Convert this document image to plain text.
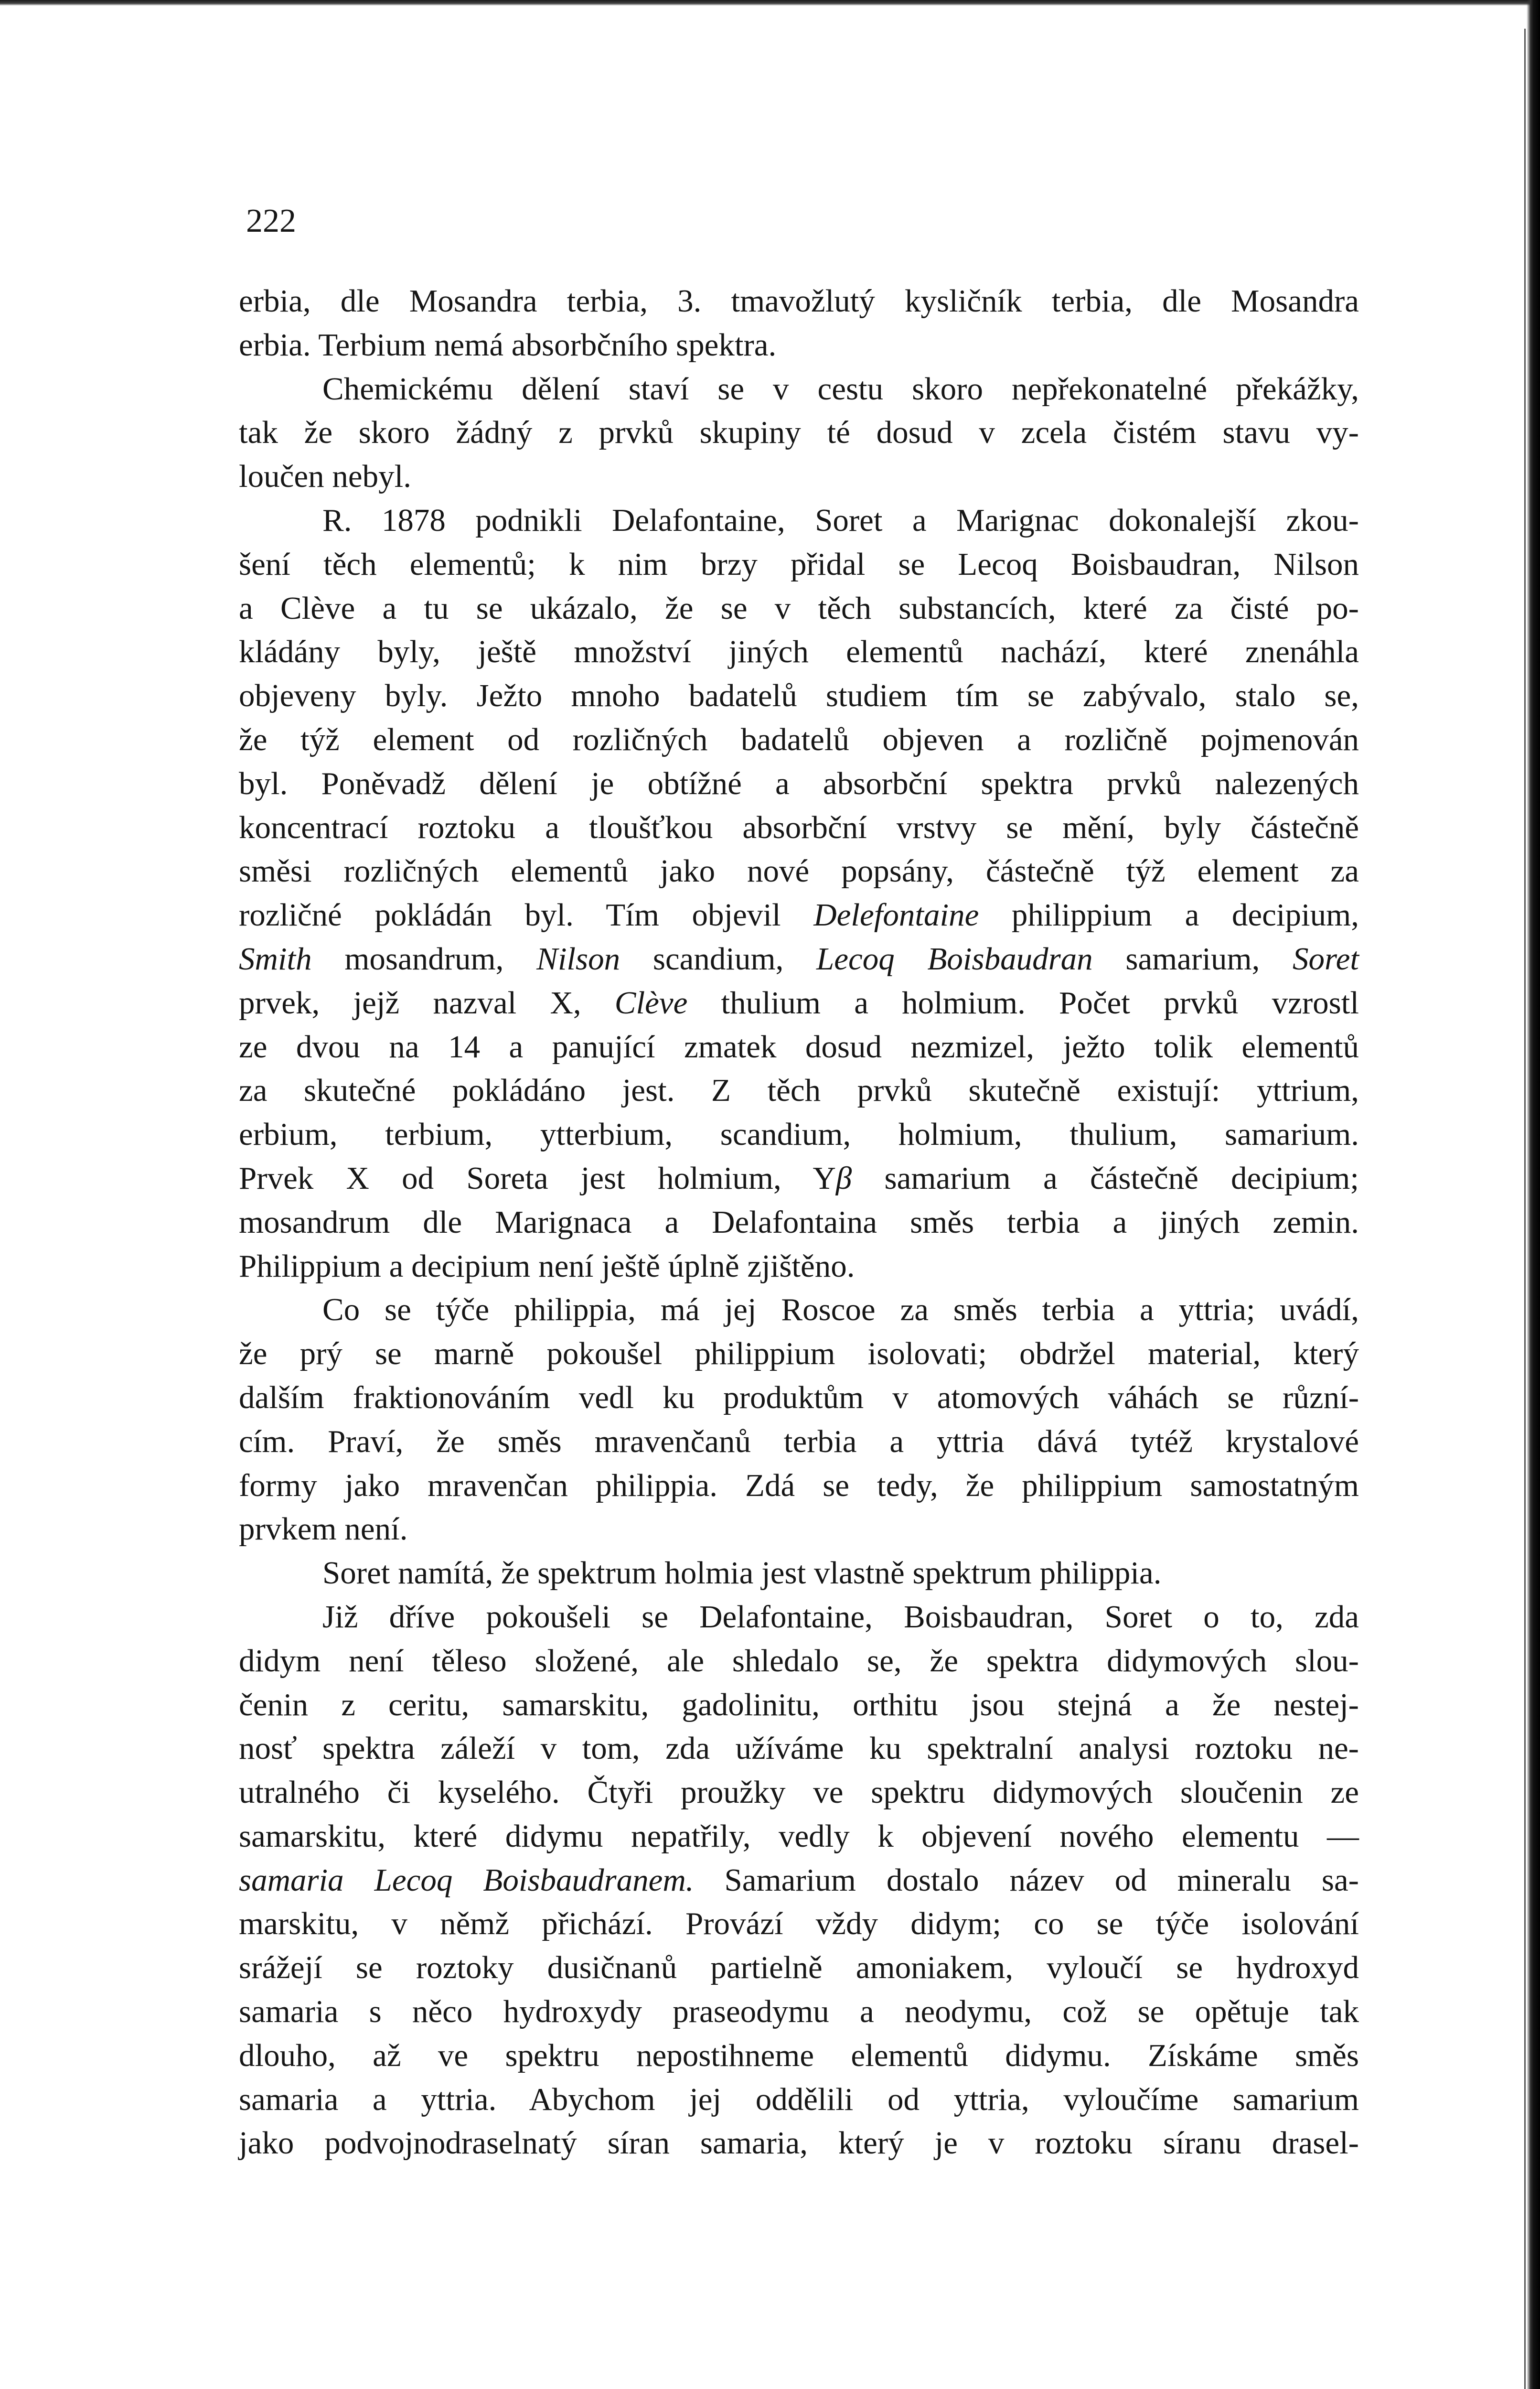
222
erbia, dle Mosandra terbia, 3. tmavožlutý kysličník terbia, dle Mosandra
erbia. Terbium nemá absorbčního spektra.
Chemickému dělení staví se v cestu skoro nepřekonatelné překážky,
tak že skoro žádný z prvků skupiny té dosud v zcela čistém stavu vy-
loučen nebyl.
R. 1878 podnikli Delafontaine, Soret a Marignac dokonalejší zkou-
šení těch elementů; k nim brzy přidal se Lecoq Boisbaudran, Nilson
a Clève a tu se ukázalo, že se v těch substancích, které za čisté po-
kládány byly, ještě množství jiných elementů nachází, které znenáhla
objeveny byly. Ježto mnoho badatelů studiem tím se zabývalo, stalo se,
že týž element od rozličných badatelů objeven a rozličně pojmenován
byl. Poněvadž dělení je obtížné a absorbční spektra prvků nalezených
koncentrací roztoku a tloušťkou absorbční vrstvy se mění, byly částečně
směsi rozličných elementů jako nové popsány, částečně týž element za
rozličné pokládán byl. Tím objevil Delefontaine philippium a decipium,
Smith mosandrum, Nilson scandium, Lecoq Boisbaudran samarium, Soret
prvek, jejž nazval X, Clève thulium a holmium. Počet prvků vzrostl
ze dvou na 14 a panující zmatek dosud nezmizel, ježto tolik elementů
za skutečné pokládáno jest. Z těch prvků skutečně existují: yttrium,
erbium, terbium, ytterbium, scandium, holmium, thulium, samarium.
Prvek X od Soreta jest holmium, Yβ samarium a částečně decipium;
mosandrum dle Marignaca a Delafontaina směs terbia a jiných zemin.
Philippium a decipium není ještě úplně zjištěno.
Co se týče philippia, má jej Roscoe za směs terbia a yttria; uvádí,
že prý se marně pokoušel philippium isolovati; obdržel material, který
dalším fraktionováním vedl ku produktům v atomových váhách se různí-
cím. Praví, že směs mravenčanů terbia a yttria dává tytéž krystalové
formy jako mravenčan philippia. Zdá se tedy, že philippium samostatným
prvkem není.
Soret namítá, že spektrum holmia jest vlastně spektrum philippia.
Již dříve pokoušeli se Delafontaine, Boisbaudran, Soret o to, zda
didym není těleso složené, ale shledalo se, že spektra didymových slou-
čenin z ceritu, samarskitu, gadolinitu, orthitu jsou stejná a že nestej-
nosť spektra záleží v tom, zda užíváme ku spektralní analysi roztoku ne-
utralného či kyselého. Čtyři proužky ve spektru didymových sloučenin ze
samarskitu, které didymu nepatřily, vedly k objevení nového elementu —
samaria Lecoq Boisbaudranem. Samarium dostalo název od mineralu sa-
marskitu, v němž přichází. Provází vždy didym; co se týče isolování
srážejí se roztoky dusičnanů partielně amoniakem, vyloučí se hydroxyd
samaria s něco hydroxydy praseodymu a neodymu, což se opětuje tak
dlouho, až ve spektru nepostihneme elementů didymu. Získáme směs
samaria a yttria. Abychom jej oddělili od yttria, vyloučíme samarium
jako podvojnodraselnatý síran samaria, který je v roztoku síranu drasel-
